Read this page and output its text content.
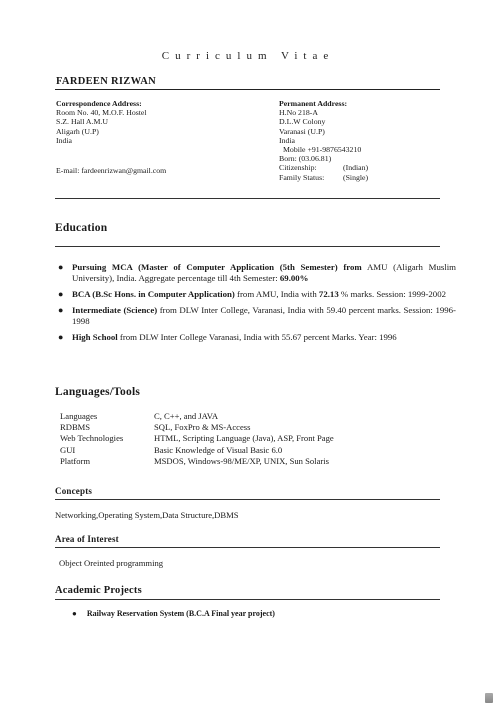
Curriculum Vitae
FARDEEN RIZWAN
Correspondence Address:
Room No. 40, M.O.F. Hostel
S.Z. Hall A.M.U
Aligarh (U.P)
India
E-mail: fardeenrizwan@gmail.com
Permanent Address:
H.No 218-A
D.L.W Colony
Varanasi (U.P)
India
Mobile +91-9876543210
Born: (03.06.81)
Citizenship:	(Indian)
Family Status:	(Single)
Education
● Pursuing MCA (Master of Computer Application (5th Semester) from AMU (Aligarh Muslim University), India. Aggregate percentage till 4th Semester: 69.00%
● BCA (B.Sc Hons. in Computer Application) from AMU, India with 72.13 % marks. Session: 1999-2002
● Intermediate (Science) from DLW Inter College, Varanasi, India with 59.40 percent marks. Session: 1996-1998
● High School from DLW Inter College Varanasi, India with 55.67 percent Marks. Year: 1996
Languages/Tools
Languages	C, C++, and JAVA
RDBMS	SQL, FoxPro & MS-Access
Web Technologies	HTML, Scripting Language (Java), ASP, Front Page
GUI	Basic Knowledge of Visual Basic 6.0
Platform	MSDOS, Windows-98/ME/XP, UNIX, Sun Solaris
Concepts
Networking,Operating System,Data Structure,DBMS
Area of Interest
Object Oreinted programming
Academic Projects
● Railway Reservation System (B.C.A Final year project)
